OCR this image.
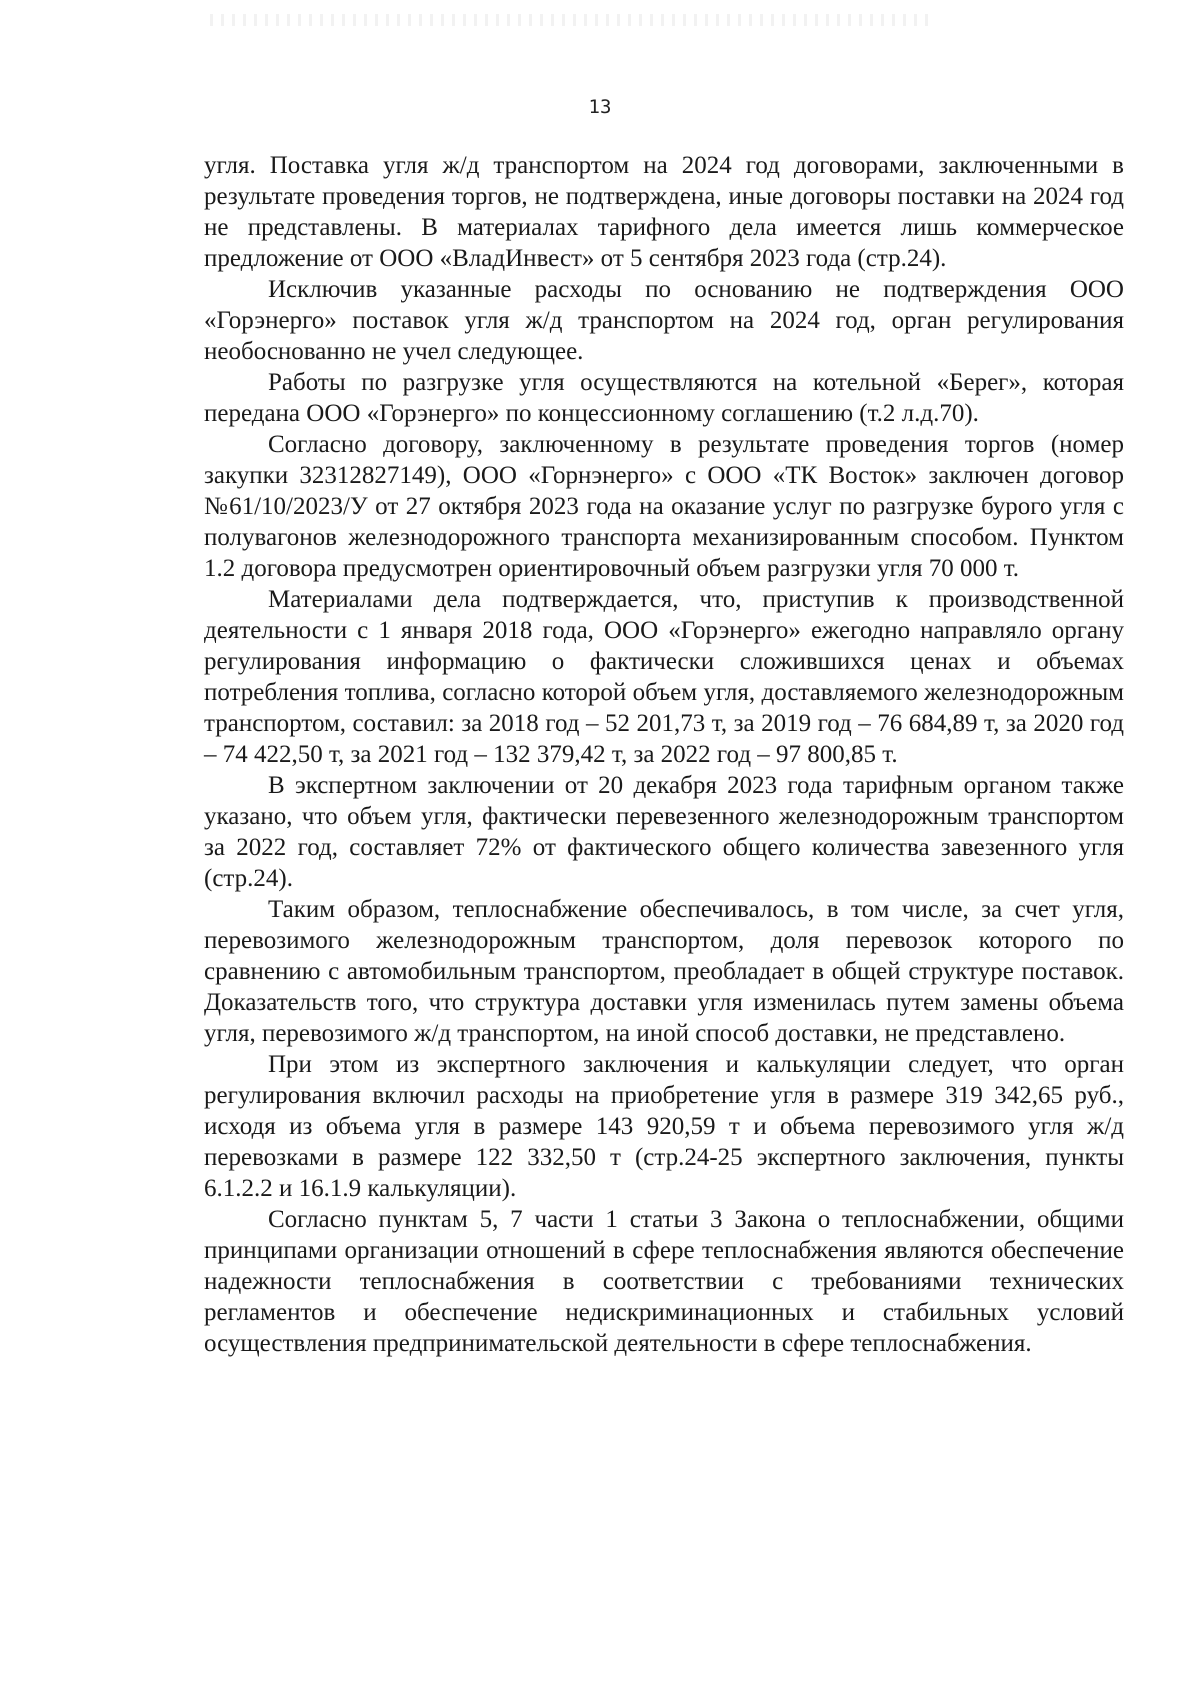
13

угля. Поставка угля ж/д транспортом на 2024 год договорами, заключенными в результате проведения торгов, не подтверждена, иные договоры поставки на 2024 год не представлены. В материалах тарифного дела имеется лишь коммерческое предложение от ООО «ВладИнвест» от 5 сентября 2023 года (стр.24).

Исключив указанные расходы по основанию не подтверждения ООО «Горэнерго» поставок угля ж/д транспортом на 2024 год, орган регулирования необоснованно не учел следующее.

Работы по разгрузке угля осуществляются на котельной «Берег», которая передана ООО «Горэнерго» по концессионному соглашению (т.2 л.д.70).

Согласно договору, заключенному в результате проведения торгов (номер закупки 32312827149), ООО «Горнэнерго» с ООО «ТК Восток» заключен договор №61/10/2023/У от 27 октября 2023 года на оказание услуг по разгрузке бурого угля с полувагонов железнодорожного транспорта механизированным способом. Пунктом 1.2 договора предусмотрен ориентировочный объем разгрузки угля 70 000 т.

Материалами дела подтверждается, что, приступив к производственной деятельности с 1 января 2018 года, ООО «Горэнерго» ежегодно направляло органу регулирования информацию о фактически сложившихся ценах и объемах потребления топлива, согласно которой объем угля, доставляемого железнодорожным транспортом, составил: за 2018 год – 52 201,73 т, за 2019 год – 76 684,89 т, за 2020 год – 74 422,50 т, за 2021 год – 132 379,42 т, за 2022 год – 97 800,85 т.

В экспертном заключении от 20 декабря 2023 года тарифным органом также указано, что объем угля, фактически перевезенного железнодорожным транспортом за 2022 год, составляет 72% от фактического общего количества завезенного угля (стр.24).

Таким образом, теплоснабжение обеспечивалось, в том числе, за счет угля, перевозимого железнодорожным транспортом, доля перевозок которого по сравнению с автомобильным транспортом, преобладает в общей структуре поставок. Доказательств того, что структура доставки угля изменилась путем замены объема угля, перевозимого ж/д транспортом, на иной способ доставки, не представлено.

При этом из экспертного заключения и калькуляции следует, что орган регулирования включил расходы на приобретение угля в размере 319 342,65 руб., исходя из объема угля в размере 143 920,59 т и объема перевозимого угля ж/д перевозками в размере 122 332,50 т (стр.24-25 экспертного заключения, пункты 6.1.2.2 и 16.1.9 калькуляции).

Согласно пунктам 5, 7 части 1 статьи 3 Закона о теплоснабжении, общими принципами организации отношений в сфере теплоснабжения являются обеспечение надежности теплоснабжения в соответствии с требованиями технических регламентов и обеспечение недискриминационных и стабильных условий осуществления предпринимательской деятельности в сфере теплоснабжения.
